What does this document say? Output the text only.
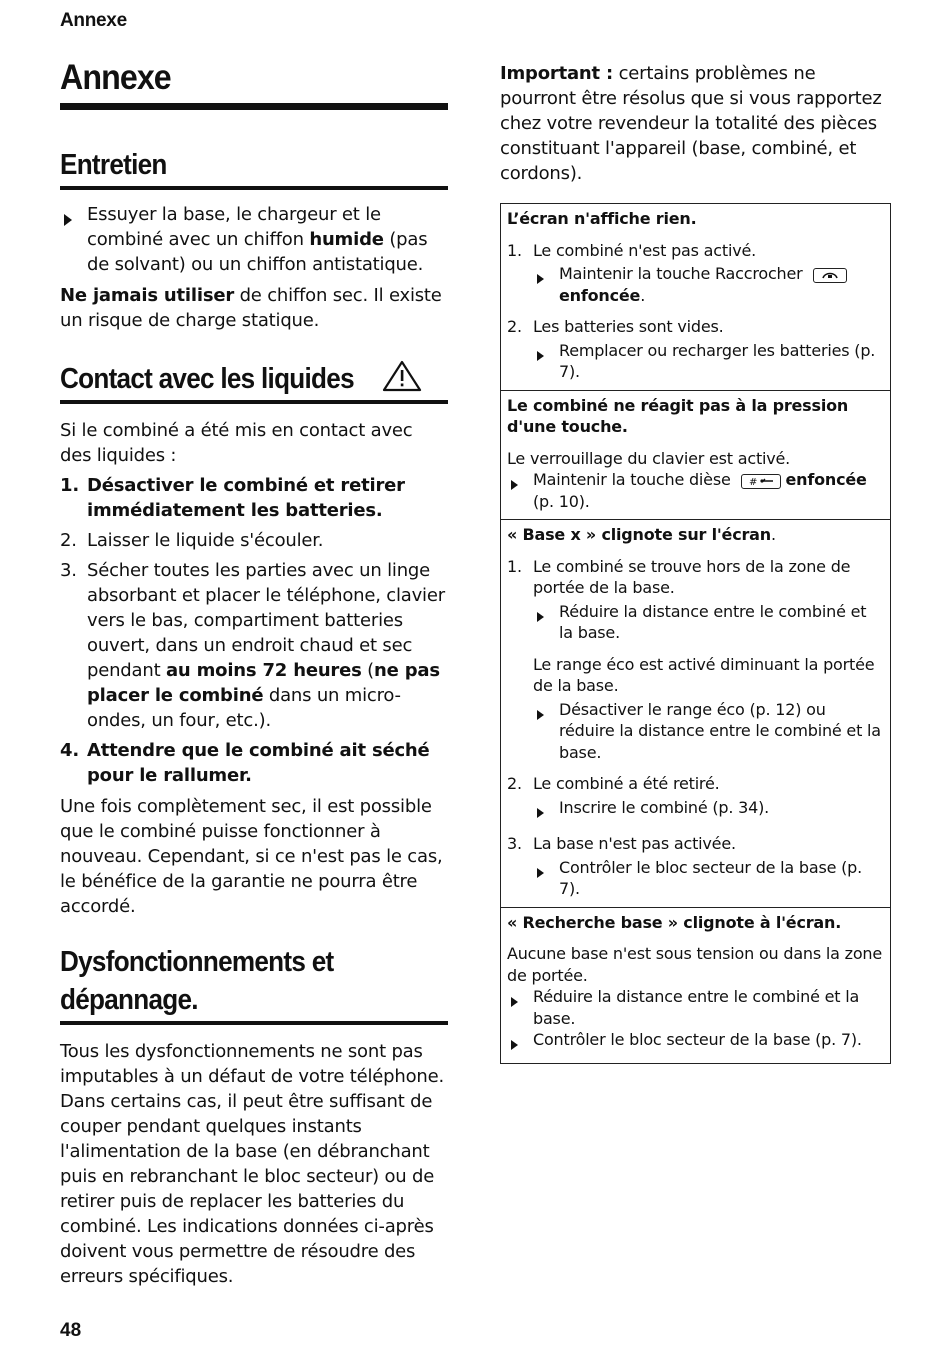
Annexe
Annexe
Entretien
Essuyer la base, le chargeur et le combiné avec un chiffon humide (pas de solvant) ou un chiffon antistatique.
Ne jamais utiliser de chiffon sec. Il existe un risque de charge statique.
Contact avec les liquides
Si le combiné a été mis en contact avec des liquides :
1. Désactiver le combiné et retirer immédiatement les batteries.
2. Laisser le liquide s'écouler.
3. Sécher toutes les parties avec un linge absorbant et placer le téléphone, clavier vers le bas, compartiment batteries ouvert, dans un endroit chaud et sec pendant au moins 72 heures (ne pas placer le combiné dans un micro-ondes, un four, etc.).
4. Attendre que le combiné ait séché pour le rallumer.
Une fois complètement sec, il est possible que le combiné puisse fonctionner à nouveau. Cependant, si ce n'est pas le cas, le bénéfice de la garantie ne pourra être accordé.
Dysfonctionnements et
dépannage.
Tous les dysfonctionnements ne sont pas imputables à un défaut de votre téléphone. Dans certains cas, il peut être suffisant de couper pendant quelques instants l'alimentation de la base (en débranchant puis en rebranchant le bloc secteur) ou de retirer puis de replacer les batteries du combiné. Les indications données ci-après doivent vous permettre de résoudre des erreurs spécifiques.
Important : certains problèmes ne pourront être résolus que si vous rapportez chez votre revendeur la totalité des pièces constituant l'appareil (base, combiné, et cordons).
L’écran n'affiche rien.
1. Le combiné n'est pas activé.
Maintenir la touche Raccrocher
enfoncée.
2. Les batteries sont vides.
Remplacer ou recharger les batteries (p. 7).
Le combiné ne réagit pas à la pression d'une touche.
Le verrouillage du clavier est activé.
Maintenir la touche dièse # enfoncée
(p. 10).
« Base x » clignote sur l'écran.
1. Le combiné se trouve hors de la zone de portée de la base.
Réduire la distance entre le combiné et la base.
Le range éco est activé diminuant la portée de la base.
Désactiver le range éco (p. 12) ou réduire la distance entre le combiné et la base.
2. Le combiné a été retiré.
Inscrire le combiné (p. 34).
3. La base n'est pas activée.
Contrôler le bloc secteur de la base (p. 7).
« Recherche base » clignote à l'écran.
Aucune base n'est sous tension ou dans la zone de portée.
Réduire la distance entre le combiné et la base.
Contrôler le bloc secteur de la base (p. 7).
48
